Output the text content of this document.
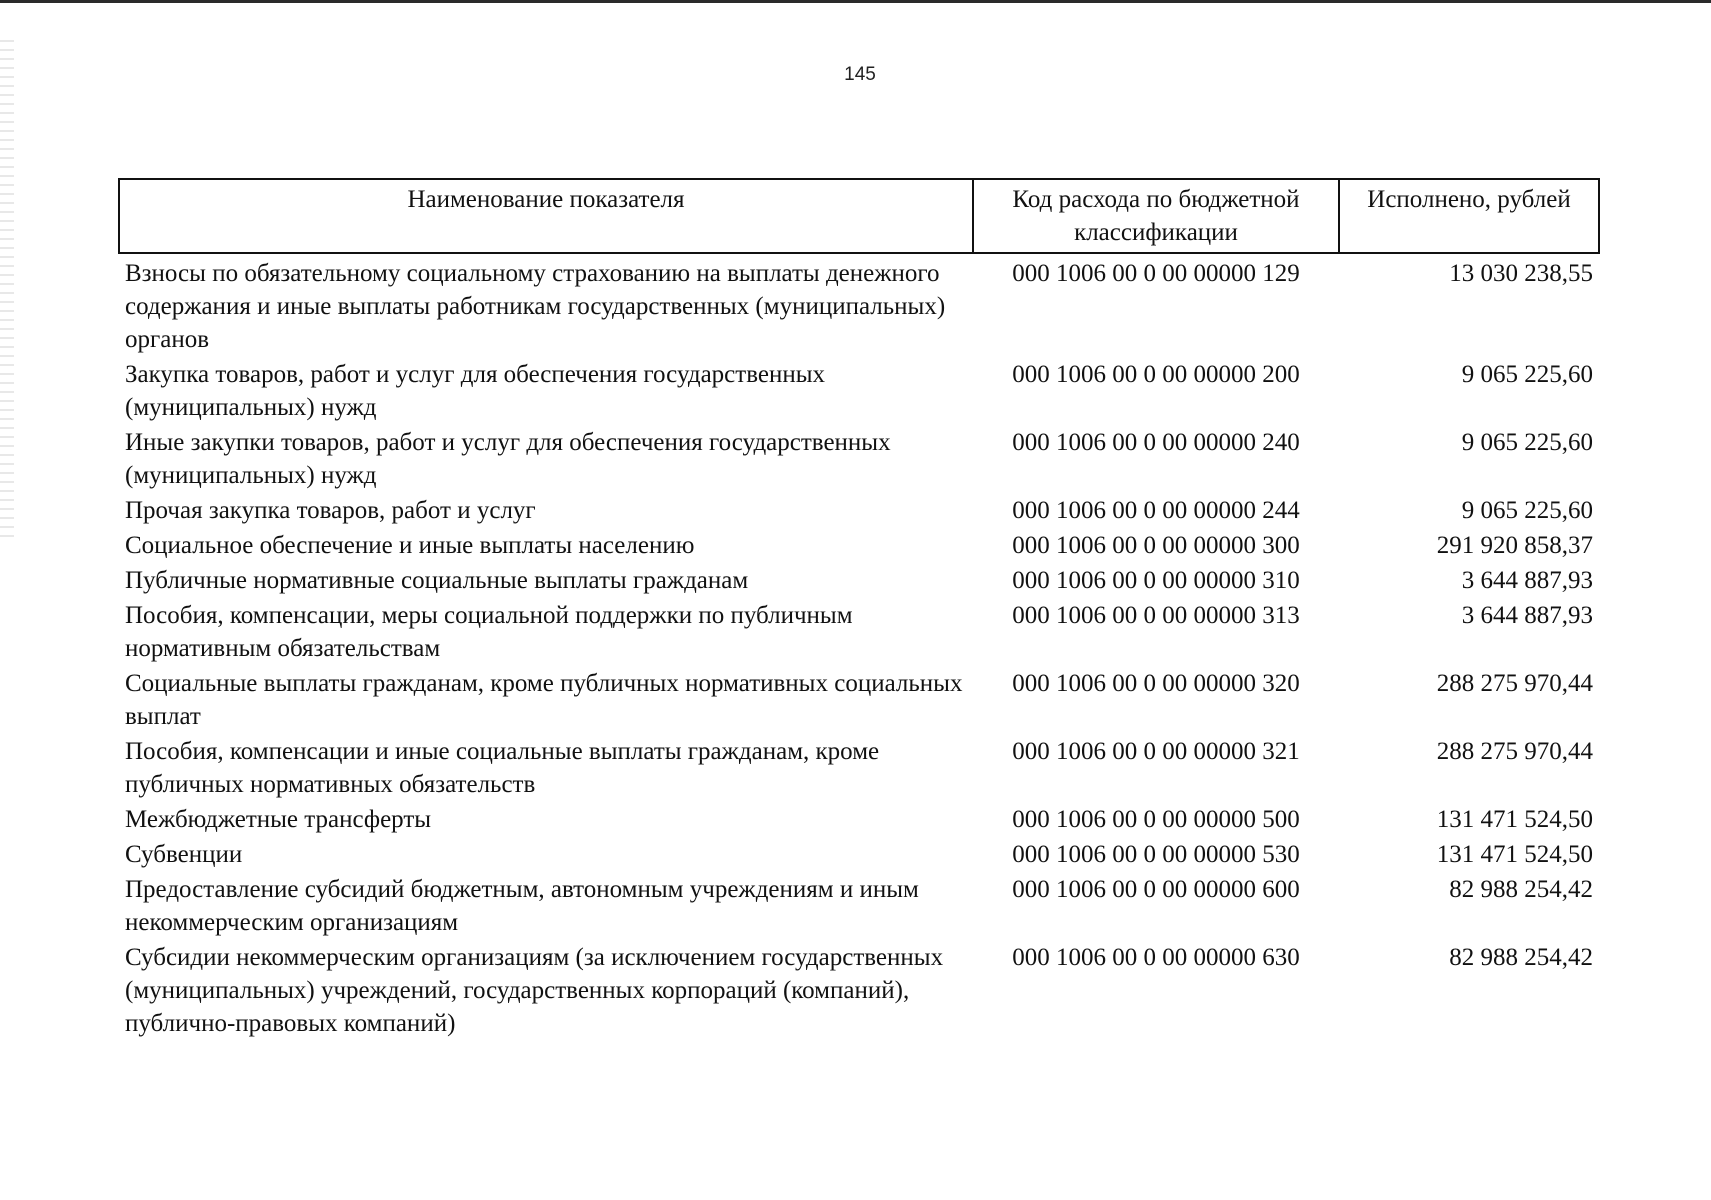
145
Наименование показателя	Код расхода по бюджетной классификации	Исполнено, рублей
Взносы по обязательному социальному страхованию на выплаты денежного содержания и иные выплаты работникам государственных (муниципальных) органов	000 1006 00 0 00 00000 129	13 030 238,55
Закупка товаров, работ и услуг для обеспечения государственных (муниципальных) нужд	000 1006 00 0 00 00000 200	9 065 225,60
Иные закупки товаров, работ и услуг для обеспечения государственных (муниципальных) нужд	000 1006 00 0 00 00000 240	9 065 225,60
Прочая закупка товаров, работ и услуг	000 1006 00 0 00 00000 244	9 065 225,60
Социальное обеспечение и иные выплаты населению	000 1006 00 0 00 00000 300	291 920 858,37
Публичные нормативные социальные выплаты гражданам	000 1006 00 0 00 00000 310	3 644 887,93
Пособия, компенсации, меры социальной поддержки по публичным нормативным обязательствам	000 1006 00 0 00 00000 313	3 644 887,93
Социальные выплаты гражданам, кроме публичных нормативных социальных выплат	000 1006 00 0 00 00000 320	288 275 970,44
Пособия, компенсации и иные социальные выплаты гражданам, кроме публичных нормативных обязательств	000 1006 00 0 00 00000 321	288 275 970,44
Межбюджетные трансферты	000 1006 00 0 00 00000 500	131 471 524,50
Субвенции	000 1006 00 0 00 00000 530	131 471 524,50
Предоставление субсидий бюджетным, автономным учреждениям и иным некоммерческим организациям	000 1006 00 0 00 00000 600	82 988 254,42
Субсидии некоммерческим организациям (за исключением государственных (муниципальных) учреждений, государственных корпораций (компаний), публично-правовых компаний)	000 1006 00 0 00 00000 630	82 988 254,42
